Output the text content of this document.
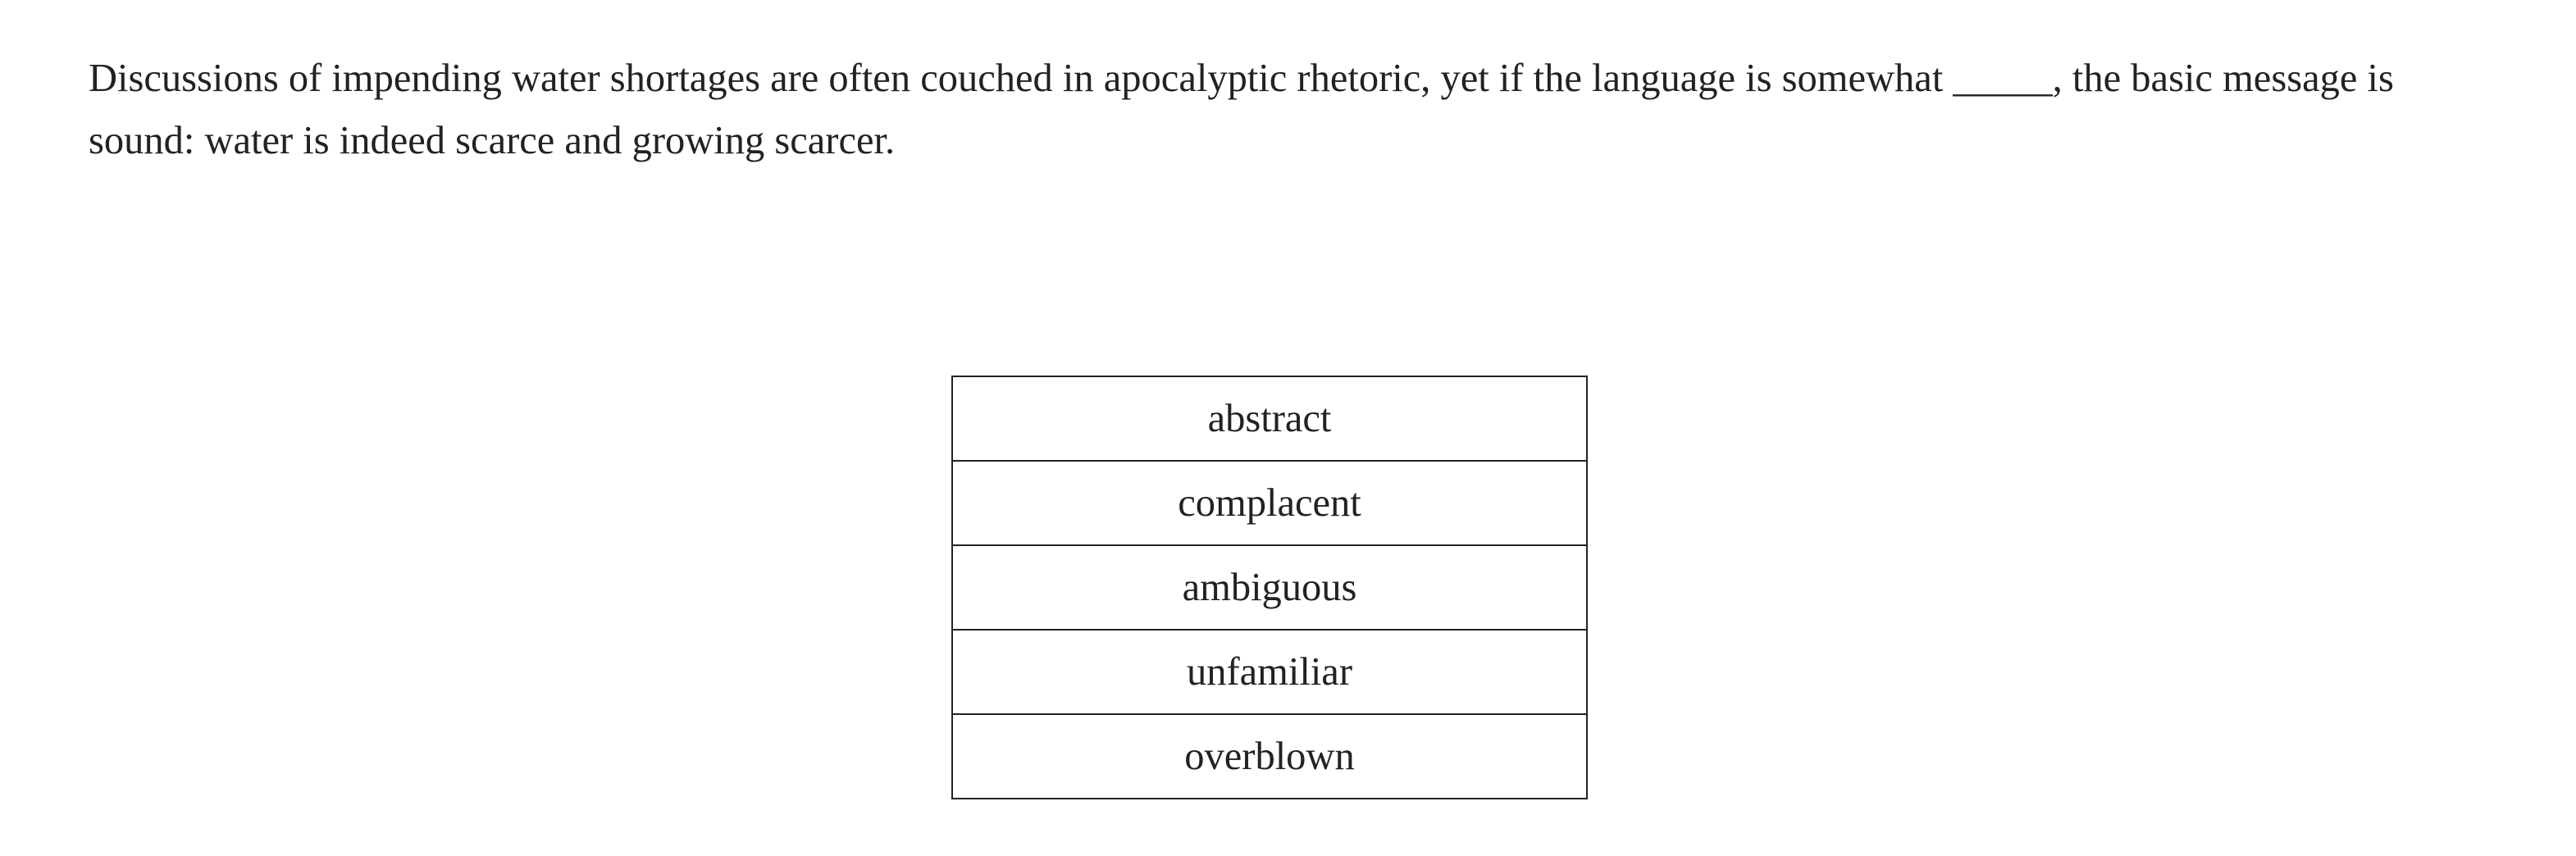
Discussions of impending water shortages are often couched in apocalyptic rhetoric, yet if the language is somewhat _____, the basic message is sound: water is indeed scarce and growing scarcer.

abstract
complacent
ambiguous
unfamiliar
overblown
